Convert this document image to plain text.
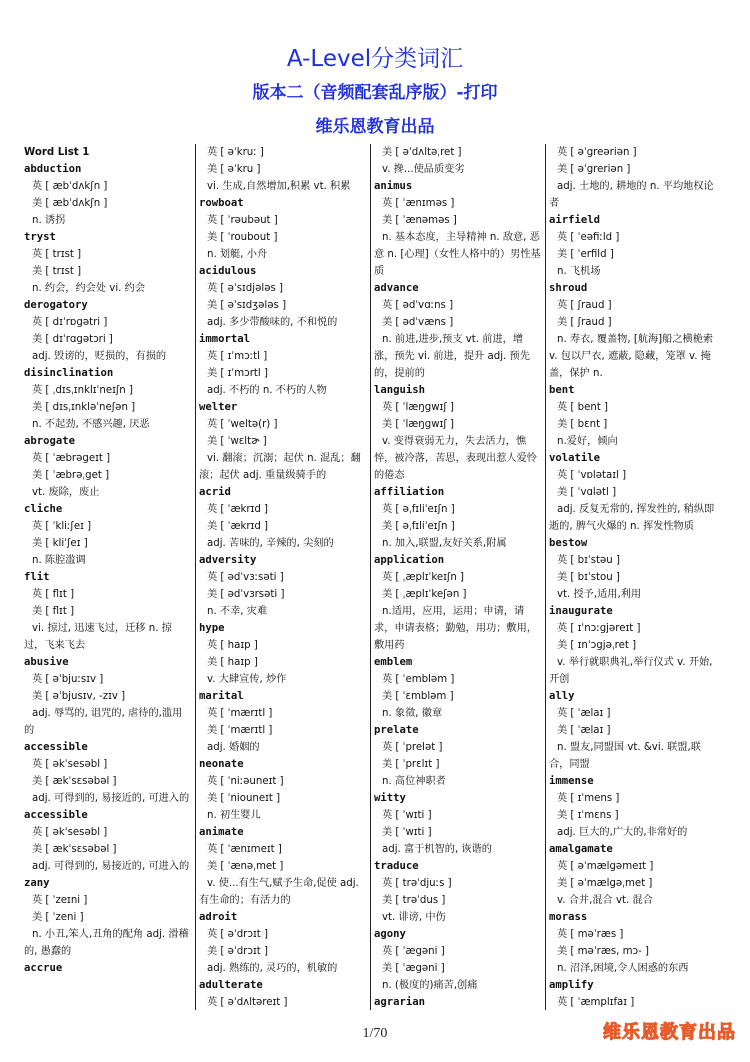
A-Level分类词汇
版本二（音频配套乱序版）-打印
维乐恩教育出品
Word List 1
abduction
英 [ æbˈdʌkʃn ]
美 [ æbˈdʌkʃn ]
n. 诱拐
tryst
英 [ trɪst ]
美 [ trɪst ]
n. 约会，约会处 vi. 约会
derogatory
英 [ dɪˈrɒgətri ]
美 [ dɪˈrɑgətɔri ]
adj. 毁谤的，贬损的，有损的
disinclination
英 [ ˌdɪsˌɪnklɪˈneɪʃn ]
美 [ dɪsˌɪnkləˈneʃən ]
n. 不起劲, 不感兴趣, 厌恶
abrogate
英 [ ˈæbrəgeɪt ]
美 [ ˈæbrəˌget ]
vt. 废除，废止
cliche
英 [ ˈkliːʃeɪ ]
美 [ kliˈʃeɪ ]
n. 陈腔滥调
flit
英 [ flɪt ]
美 [ flɪt ]
vi. 掠过, 迅速飞过，迁移 n. 掠过，飞来飞去
abusive
英 [ əˈbjuːsɪv ]
美 [ əˈbjusɪv, -zɪv ]
adj. 辱骂的, 诅咒的, 虐待的,滥用的
accessible
英 [ əkˈsesəbl ]
美 [ ækˈsɛsəbəl ]
adj. 可得到的, 易接近的, 可进入的
accessible
英 [ əkˈsesəbl ]
美 [ ækˈsɛsəbəl ]
adj. 可得到的, 易接近的, 可进入的
zany
英 [ ˈzeɪni ]
美 [ ˈzeni ]
n. 小丑,笨人,丑角的配角 adj. 滑稽的, 愚蠢的
accrue
英 [ əˈkruː ]
美 [ əˈkru ]
vi. 生成,自然增加,积累 vt. 积累
rowboat
英 [ ˈrəubəut ]
美 [ ˈroubout ]
n. 划艇, 小舟
acidulous
英 [ əˈsɪdjələs ]
美 [ əˈsɪdʒələs ]
adj. 多少带酸味的, 不和悦的
immortal
英 [ ɪˈmɔːtl ]
美 [ ɪˈmɔrtl ]
adj. 不朽的 n. 不朽的人物
welter
英 [ ˈweltə(r) ]
美 [ ˈwɛltɚ ]
vi. 翻滚；沉溺；起伏 n. 混乱；翻滚；起伏 adj. 重量级骑手的
acrid
英 [ ˈækrɪd ]
美 [ ˈækrɪd ]
adj. 苦味的, 辛辣的, 尖刻的
adversity
英 [ ədˈvɜːsəti ]
美 [ ədˈvɜrsəti ]
n. 不幸, 灾难
hype
英 [ haɪp ]
美 [ haɪp ]
v. 大肆宣传, 炒作
marital
英 [ ˈmærɪtl ]
美 [ ˈmærɪtl ]
adj. 婚姻的
neonate
英 [ ˈniːəuneɪt ]
美 [ ˈniouneɪt ]
n. 初生婴儿
animate
英 [ ˈænɪmeɪt ]
美 [ ˈænəˌmet ]
v. 使...有生气,赋予生命,促使 adj. 有生命的；有活力的
adroit
英 [ əˈdrɔɪt ]
美 [ əˈdrɔɪt ]
adj. 熟练的, 灵巧的，机敏的
adulterate
英 [ əˈdʌltəreɪt ]
美 [ əˈdʌltəˌret ]
v. 搀...使品质变劣
animus
英 [ ˈænɪməs ]
美 [ ˈænəməs ]
n. 基本态度，主导精神 n. 敌意, 恶意 n. [心理]（女性人格中的）男性基质
advance
英 [ ədˈvɑːns ]
美 [ ədˈvæns ]
n. 前进,进步,预支 vt. 前进，增涨，预先 vi. 前进，提升 adj. 预先的，提前的
languish
英 [ ˈlæŋgwɪʃ ]
美 [ ˈlæŋgwɪʃ ]
v. 变得衰弱无力，失去活力，憔悴，被冷落，苦思，表现出惹人爱怜的倦态
affiliation
英 [ əˌfɪliˈeɪʃn ]
美 [ əˌfɪliˈeɪʃn ]
n. 加入,联盟,友好关系,附属
application
英 [ ˌæplɪˈkeɪʃn ]
美 [ ˌæplɪˈkeʃən ]
n.适用，应用，运用；申请，请求，申请表格；勤勉，用功；敷用，敷用药
emblem
英 [ ˈembləm ]
美 [ ˈɛmbləm ]
n. 象徵, 徽章
prelate
英 [ ˈprelət ]
美 [ ˈprɛlɪt ]
n. 高位神职者
witty
英 [ ˈwɪti ]
美 [ ˈwɪti ]
adj. 富于机智的, 诙谐的
traduce
英 [ trəˈdjuːs ]
美 [ trəˈdus ]
vt. 诽谤, 中伤
agony
英 [ ˈægəni ]
美 [ ˈægəni ]
n. (极度的)痛苦,创痛
agrarian
英 [ əˈgreəriən ]
美 [ əˈgreriən ]
adj. 土地的, 耕地的 n. 平均地权论者
airfield
英 [ ˈeəfiːld ]
美 [ ˈerfild ]
n. 飞机场
shroud
英 [ ʃraud ]
美 [ ʃraud ]
n. 寿衣, 覆盖物, [航海]船之横桅索 v. 包以尸衣, 遮蔽, 隐藏，笼罩 v. 掩盖，保护 n.
bent
英 [ bent ]
美 [ bɛnt ]
n.爱好，倾向
volatile
英 [ ˈvɒlətaɪl ]
美 [ ˈvɑlətl ]
adj. 反复无常的, 挥发性的, 稍纵即逝的, 脾气火爆的 n. 挥发性物质
bestow
英 [ bɪˈstəu ]
美 [ bɪˈstou ]
vt. 授予,适用,利用
inaugurate
英 [ ɪˈnɔːgjəreɪt ]
美 [ ɪnˈɔgjəˌret ]
v. 举行就职典礼,举行仪式 v. 开始,开创
ally
英 [ ˈælaɪ ]
美 [ ˈælaɪ ]
n. 盟友,同盟国 vt. &vi. 联盟,联合，同盟
immense
英 [ ɪˈmens ]
美 [ ɪˈmɛns ]
adj. 巨大的,广大的,非常好的
amalgamate
英 [ əˈmælgəmeɪt ]
美 [ əˈmælgəˌmet ]
v. 合并,混合 vt. 混合
morass
英 [ məˈræs ]
美 [ məˈræs, mɔ- ]
n. 沼泽,困境,令人困惑的东西
amplify
英 [ ˈæmplɪfaɪ ]
1/70	维乐恩教育出品
